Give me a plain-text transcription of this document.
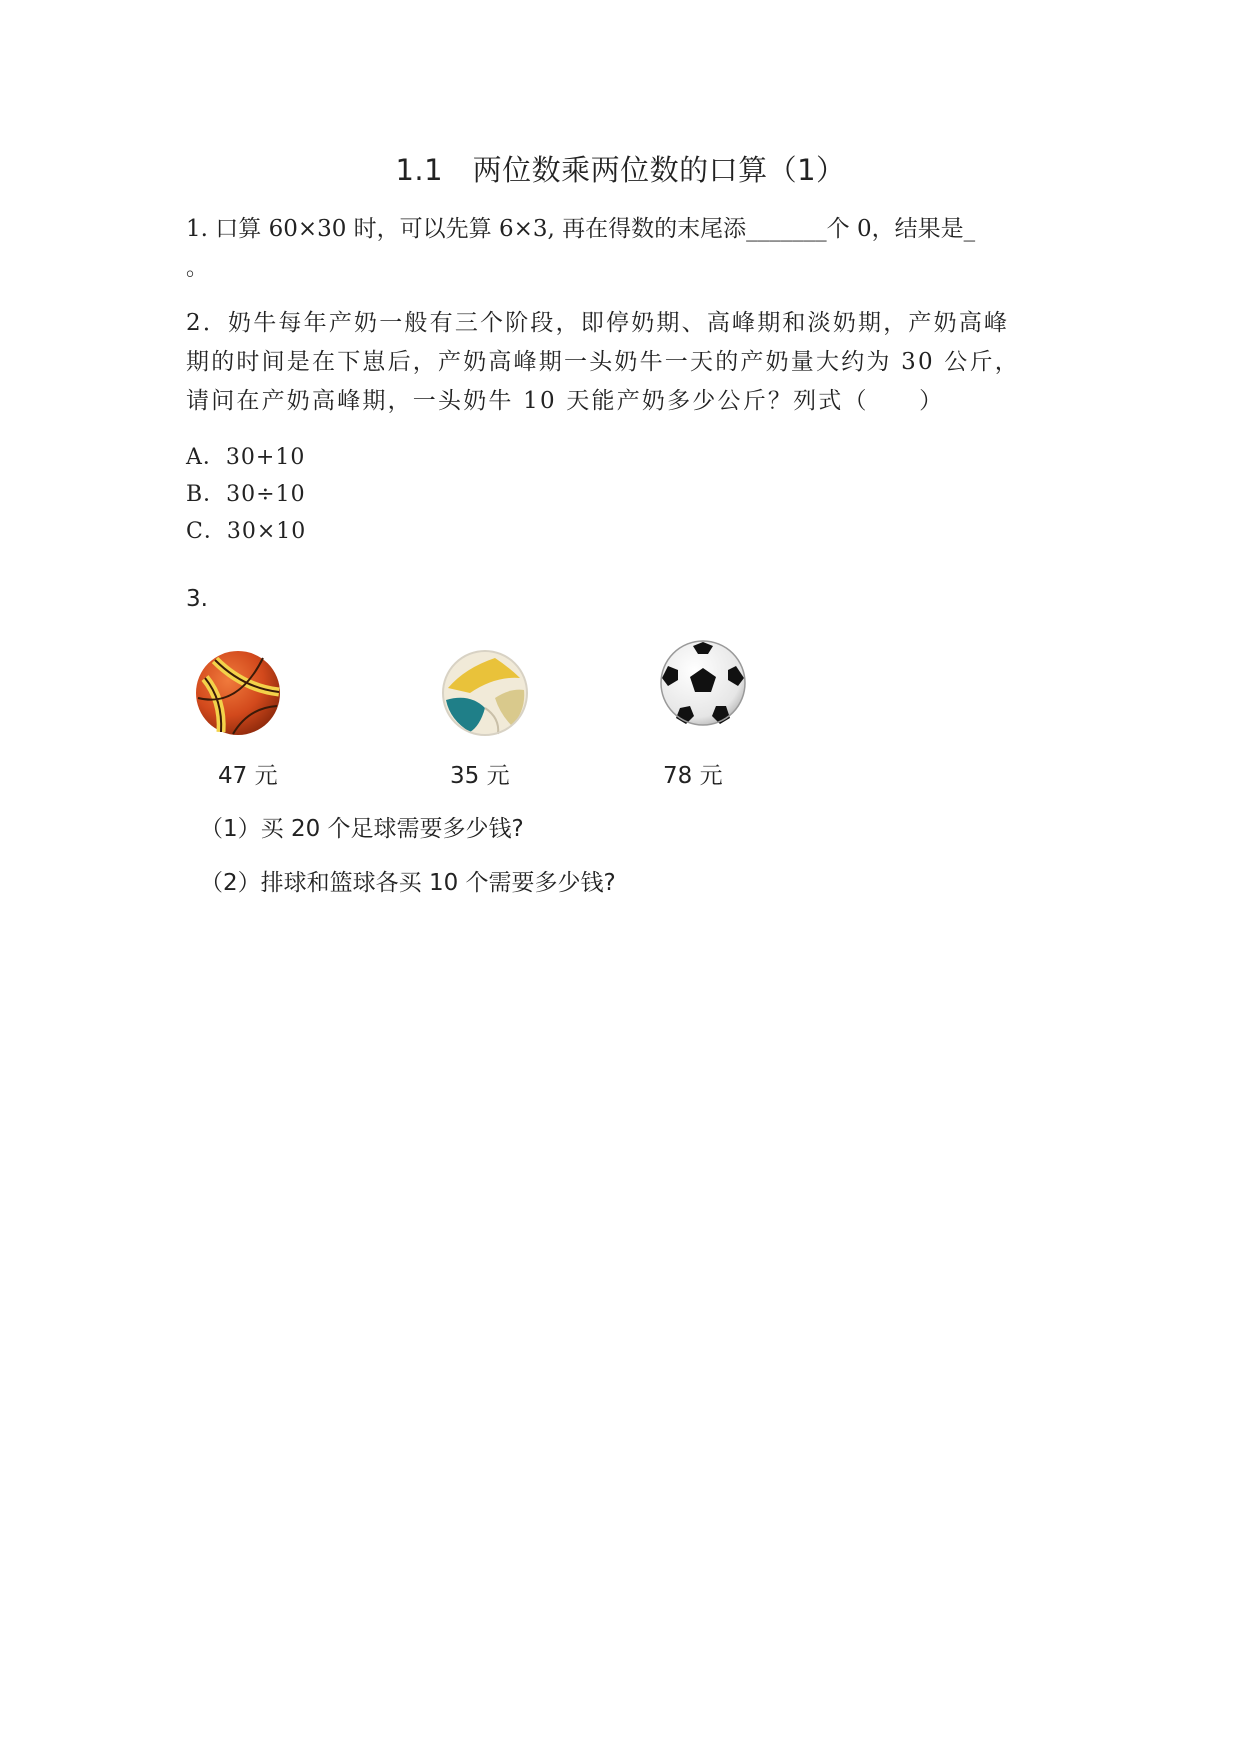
1.1　两位数乘两位数的口算（1）
1. 口算 60×30 时，可以先算 6×3, 再在得数的末尾添_______个 0，结果是_
。
2．奶牛每年产奶一般有三个阶段，即停奶期、高峰期和淡奶期，产奶高峰
期的时间是在下崽后，产奶高峰期一头奶牛一天的产奶量大约为 30 公斤，
请问在产奶高峰期，一头奶牛 10 天能产奶多少公斤？列式（　　）
A．30+10
B．30÷10
C．30×10
3.
47 元	35 元	78 元
（1）买 20 个足球需要多少钱?
（2）排球和篮球各买 10 个需要多少钱?
